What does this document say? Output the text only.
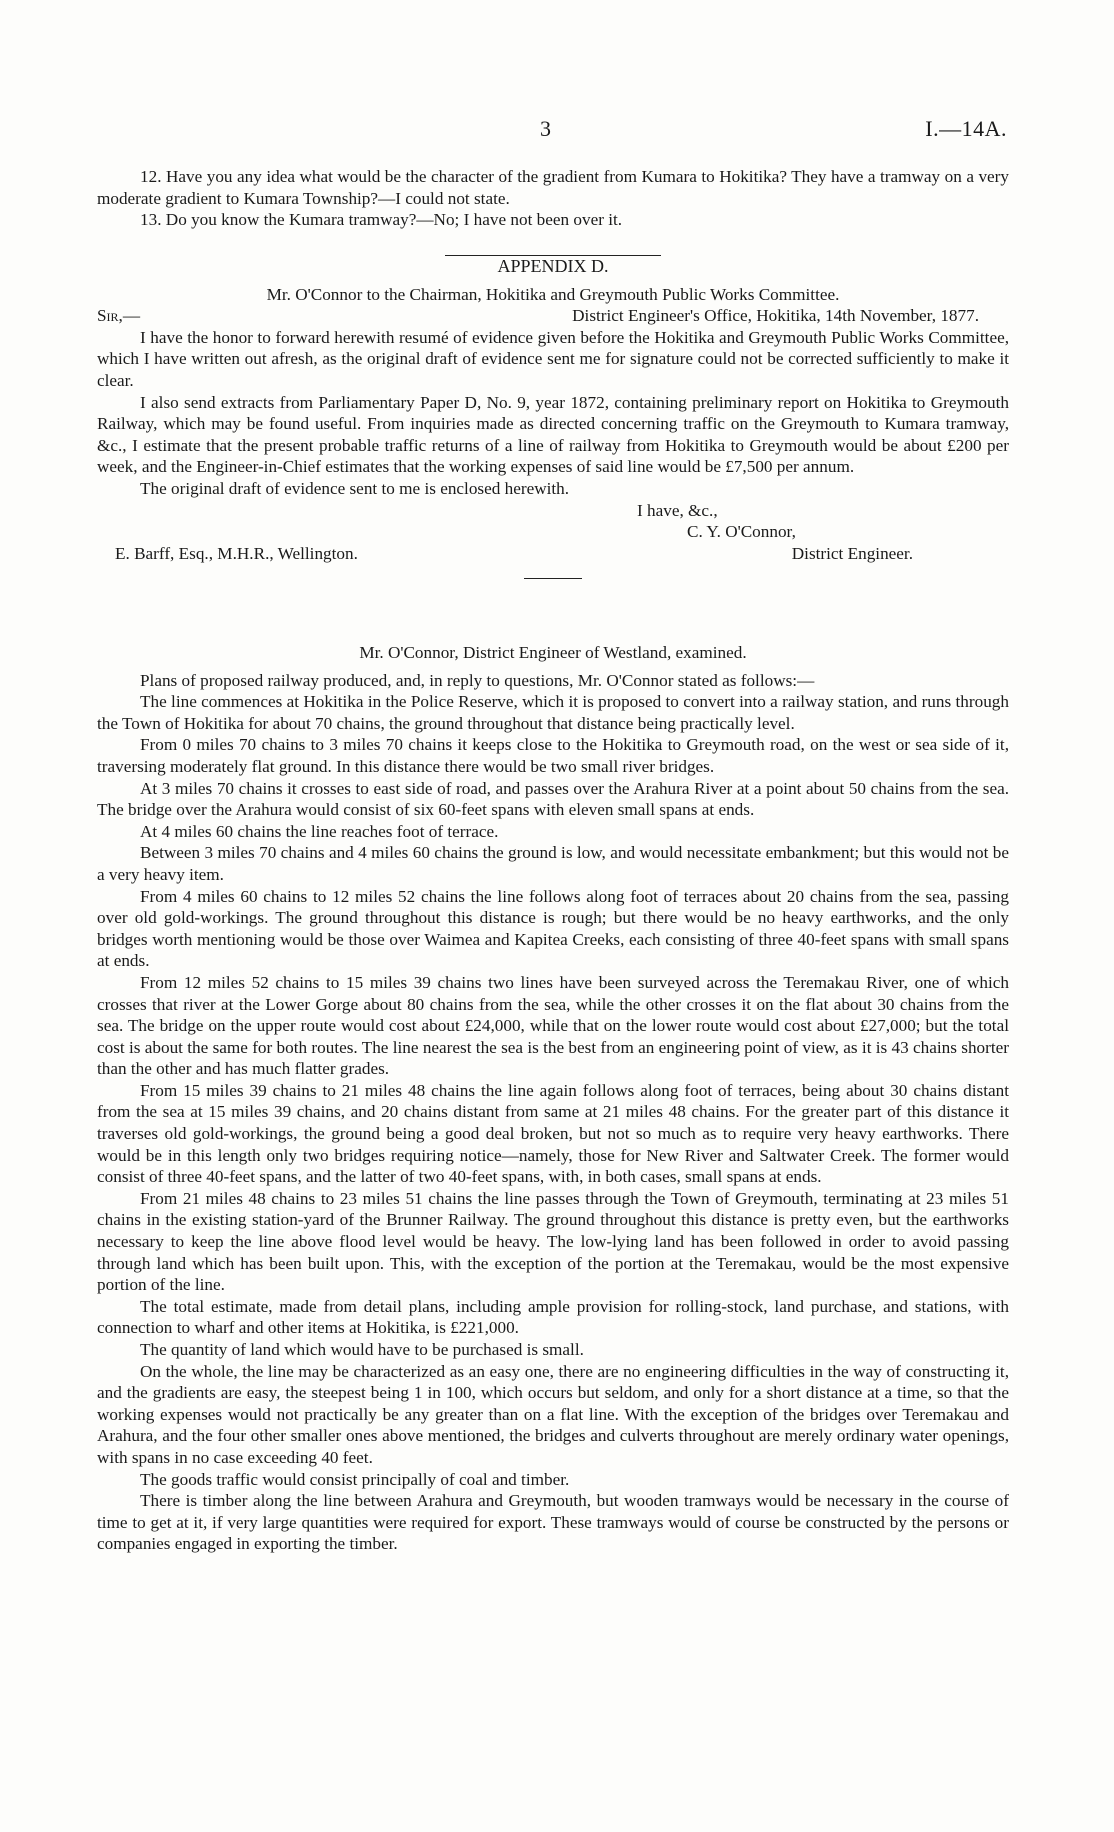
3	I.—14A.

12. Have you any idea what would be the character of the gradient from Kumara to Hokitika? They have a tramway on a very moderate gradient to Kumara Township?—I could not state.

13. Do you know the Kumara tramway?—No; I have not been over it.

APPENDIX D.
Mr. O'Connor to the Chairman, Hokitika and Greymouth Public Works Committee.
Sir,—	District Engineer's Office, Hokitika, 14th November, 1877.

I have the honor to forward herewith resumé of evidence given before the Hokitika and Greymouth Public Works Committee, which I have written out afresh, as the original draft of evidence sent me for signature could not be corrected sufficiently to make it clear.

I also send extracts from Parliamentary Paper D, No. 9, year 1872, containing preliminary report on Hokitika to Greymouth Railway, which may be found useful. From inquiries made as directed concerning traffic on the Greymouth to Kumara tramway, &c., I estimate that the present probable traffic returns of a line of railway from Hokitika to Greymouth would be about £200 per week, and the Engineer-in-Chief estimates that the working expenses of said line would be £7,500 per annum.

The original draft of evidence sent to me is enclosed herewith.

I have, &c.,
C. Y. O'Connor,
E. Barff, Esq., M.H.R., Wellington.	District Engineer.
Mr. O'Connor, District Engineer of Westland, examined.

Plans of proposed railway produced, and, in reply to questions, Mr. O'Connor stated as follows:—

The line commences at Hokitika in the Police Reserve, which it is proposed to convert into a railway station, and runs through the Town of Hokitika for about 70 chains, the ground throughout that distance being practically level.

From 0 miles 70 chains to 3 miles 70 chains it keeps close to the Hokitika to Greymouth road, on the west or sea side of it, traversing moderately flat ground. In this distance there would be two small river bridges.

At 3 miles 70 chains it crosses to east side of road, and passes over the Arahura River at a point about 50 chains from the sea. The bridge over the Arahura would consist of six 60-feet spans with eleven small spans at ends.

At 4 miles 60 chains the line reaches foot of terrace.

Between 3 miles 70 chains and 4 miles 60 chains the ground is low, and would necessitate embankment; but this would not be a very heavy item.

From 4 miles 60 chains to 12 miles 52 chains the line follows along foot of terraces about 20 chains from the sea, passing over old gold-workings. The ground throughout this distance is rough; but there would be no heavy earthworks, and the only bridges worth mentioning would be those over Waimea and Kapitea Creeks, each consisting of three 40-feet spans with small spans at ends.

From 12 miles 52 chains to 15 miles 39 chains two lines have been surveyed across the Teremakau River, one of which crosses that river at the Lower Gorge about 80 chains from the sea, while the other crosses it on the flat about 30 chains from the sea. The bridge on the upper route would cost about £24,000, while that on the lower route would cost about £27,000; but the total cost is about the same for both routes. The line nearest the sea is the best from an engineering point of view, as it is 43 chains shorter than the other and has much flatter grades.

From 15 miles 39 chains to 21 miles 48 chains the line again follows along foot of terraces, being about 30 chains distant from the sea at 15 miles 39 chains, and 20 chains distant from same at 21 miles 48 chains. For the greater part of this distance it traverses old gold-workings, the ground being a good deal broken, but not so much as to require very heavy earthworks. There would be in this length only two bridges requiring notice—namely, those for New River and Saltwater Creek. The former would consist of three 40-feet spans, and the latter of two 40-feet spans, with, in both cases, small spans at ends.

From 21 miles 48 chains to 23 miles 51 chains the line passes through the Town of Greymouth, terminating at 23 miles 51 chains in the existing station-yard of the Brunner Railway. The ground throughout this distance is pretty even, but the earthworks necessary to keep the line above flood level would be heavy. The low-lying land has been followed in order to avoid passing through land which has been built upon. This, with the exception of the portion at the Teremakau, would be the most expensive portion of the line.

The total estimate, made from detail plans, including ample provision for rolling-stock, land purchase, and stations, with connection to wharf and other items at Hokitika, is £221,000.

The quantity of land which would have to be purchased is small.

On the whole, the line may be characterized as an easy one, there are no engineering difficulties in the way of constructing it, and the gradients are easy, the steepest being 1 in 100, which occurs but seldom, and only for a short distance at a time, so that the working expenses would not practically be any greater than on a flat line. With the exception of the bridges over Teremakau and Arahura, and the four other smaller ones above mentioned, the bridges and culverts throughout are merely ordinary water openings, with spans in no case exceeding 40 feet.

The goods traffic would consist principally of coal and timber.

There is timber along the line between Arahura and Greymouth, but wooden tramways would be necessary in the course of time to get at it, if very large quantities were required for export. These tramways would of course be constructed by the persons or companies engaged in exporting the timber.
